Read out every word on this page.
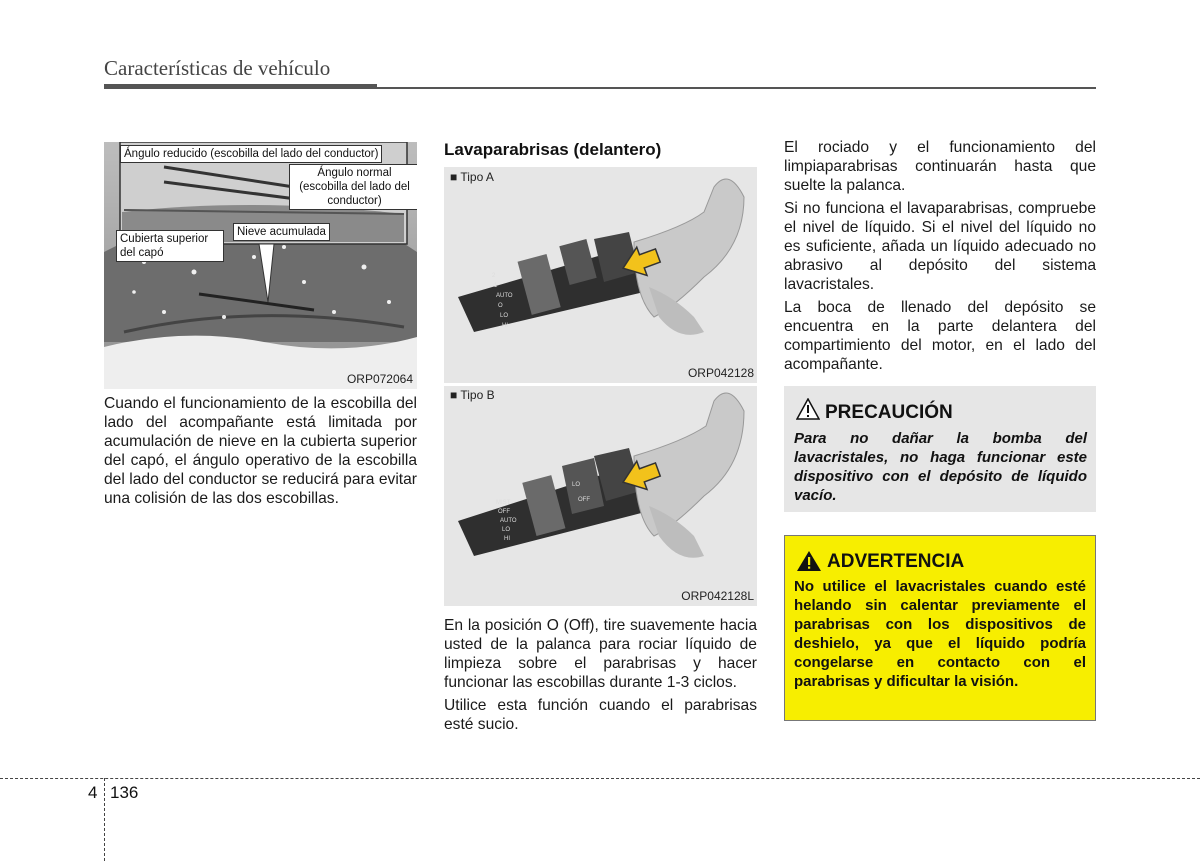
Características de vehículo
Ángulo reducido (escobilla del lado del conductor)
Ángulo normal (escobilla del lado del conductor)
Cubierta superior del capó
Nieve acumulada
ORP072064
Cuando el funcionamiento de la escobilla del lado del acompañante está limitada por acumulación de nieve en la cubierta superior del capó, el ángulo operativo de la escobilla del lado del conductor se reducirá para evitar una colisión de las dos escobillas.
Lavaparabrisas (delantero)
2
1
AUTO
O
LO
HI
■ Tipo A
ORP042128
MIST
OFF
AUTO
LO
HI
LO
OFF
■ Tipo B
ORP042128L

En la posición O (Off), tire suavemente hacia usted de la palanca para rociar líquido de limpieza sobre el parabrisas y hacer funcionar las escobillas durante 1-3 ciclos.

Utilice esta función cuando el parabrisas esté sucio.

El rociado y el funcionamiento del limpiaparabrisas continuarán hasta que suelte la palanca.

Si no funciona el lavaparabrisas, compruebe el nivel de líquido. Si el nivel del líquido no es suficiente, añada un líquido adecuado no abrasivo al depósito del sistema lavacristales.

La boca de llenado del depósito se encuentra en la parte delantera del compartimiento del motor, en el lado del acompañante.

PRECAUCIÓN
Para no dañar la bomba del lavacristales, no haga funcionar este dispositivo con el depósito de líquido vacío.
ADVERTENCIA
No utilice el lavacristales cuando esté helando sin calentar previamente el parabrisas con los dispositivos de deshielo, ya que el líquido podría congelarse en contacto con el parabrisas y dificultar la visión.
4 136
